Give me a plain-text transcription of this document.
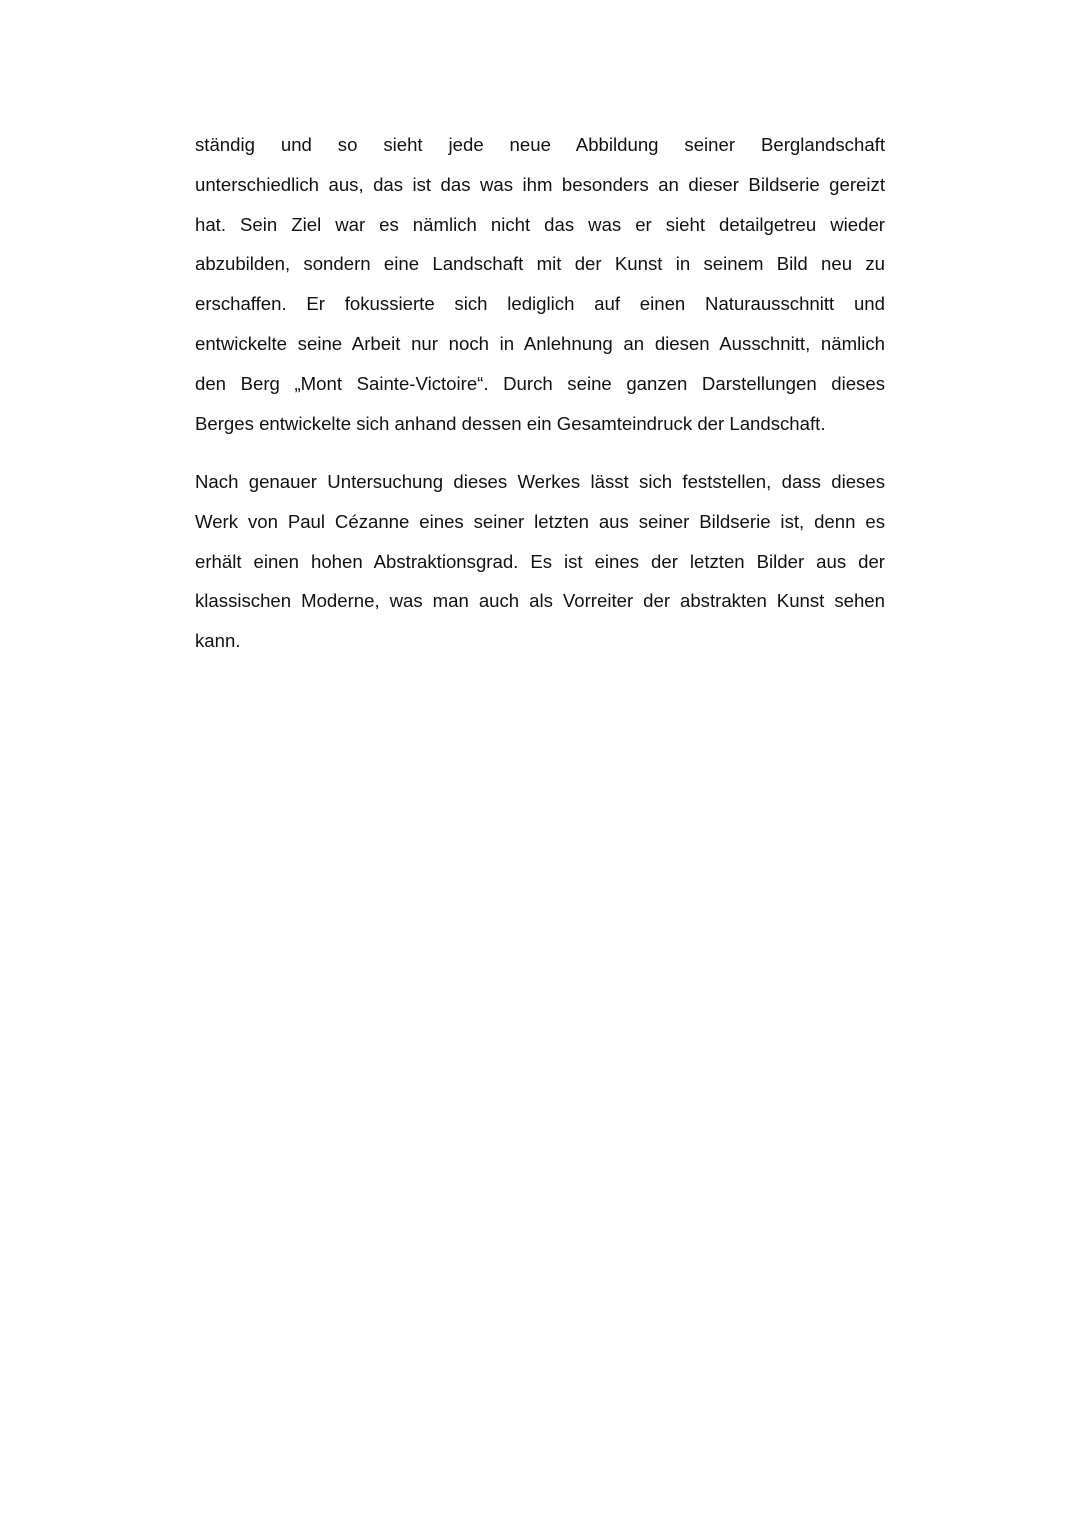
ständig und so sieht jede neue Abbildung seiner Berglandschaft
unterschiedlich aus, das ist das was ihm besonders an dieser Bildserie gereizt
hat. Sein Ziel war es nämlich nicht das was er sieht detailgetreu wieder
abzubilden, sondern eine Landschaft mit der Kunst in seinem Bild neu zu
erschaffen. Er fokussierte sich lediglich auf einen Naturausschnitt und
entwickelte seine Arbeit nur noch in Anlehnung an diesen Ausschnitt, nämlich
den Berg „Mont Sainte-Victoire“. Durch seine ganzen Darstellungen dieses
Berges entwickelte sich anhand dessen ein Gesamteindruck der Landschaft.
Nach genauer Untersuchung dieses Werkes lässt sich feststellen, dass dieses
Werk von Paul Cézanne eines seiner letzten aus seiner Bildserie ist, denn es
erhält einen hohen Abstraktionsgrad. Es ist eines der letzten Bilder aus der
klassischen Moderne, was man auch als Vorreiter der abstrakten Kunst sehen
kann.
